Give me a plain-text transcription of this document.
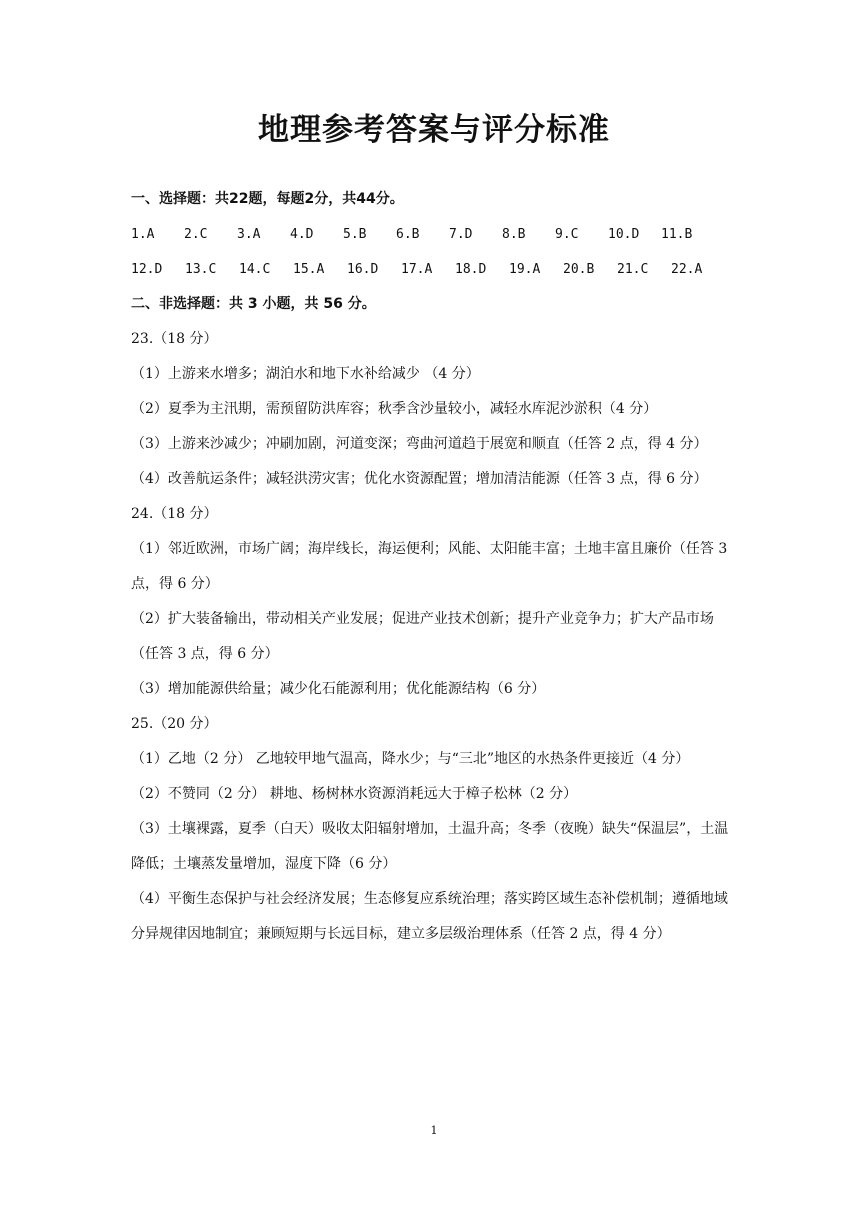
地理参考答案与评分标准
一、选择题：共22题，每题2分，共44分。
1.A	2.C	3.A	4.D	5.B	6.B	7.D	8.B	9.C	10.D	11.B
12.D	13.C	14.C	15.A	16.D	17.A	18.D	19.A	20.B	21.C	22.A
二、非选择题：共 3 小题，共 56 分。
23.（18 分）
（1）上游来水增多；湖泊水和地下水补给减少 （4 分）
（2）夏季为主汛期，需预留防洪库容；秋季含沙量较小，减轻水库泥沙淤积（4 分）
（3）上游来沙减少；冲刷加剧，河道变深；弯曲河道趋于展宽和顺直（任答 2 点，得 4 分）
（4）改善航运条件；减轻洪涝灾害；优化水资源配置；增加清洁能源（任答 3 点，得 6 分）
24.（18 分）
（1）邻近欧洲，市场广阔；海岸线长，海运便利；风能、太阳能丰富；土地丰富且廉价（任答 3 点，得 6 分）
（2）扩大装备输出，带动相关产业发展；促进产业技术创新；提升产业竞争力；扩大产品市场（任答 3 点，得 6 分）
（3）增加能源供给量；减少化石能源利用；优化能源结构（6 分）
25.（20 分）
（1）乙地（2 分） 乙地较甲地气温高，降水少；与“三北”地区的水热条件更接近（4 分）
（2）不赞同（2 分） 耕地、杨树林水资源消耗远大于樟子松林（2 分）
（3）土壤裸露，夏季（白天）吸收太阳辐射增加，土温升高；冬季（夜晚）缺失“保温层”，土温降低；土壤蒸发量增加，湿度下降（6 分）
（4）平衡生态保护与社会经济发展；生态修复应系统治理；落实跨区域生态补偿机制；遵循地域分异规律因地制宜；兼顾短期与长远目标，建立多层级治理体系（任答 2 点，得 4 分）
1
